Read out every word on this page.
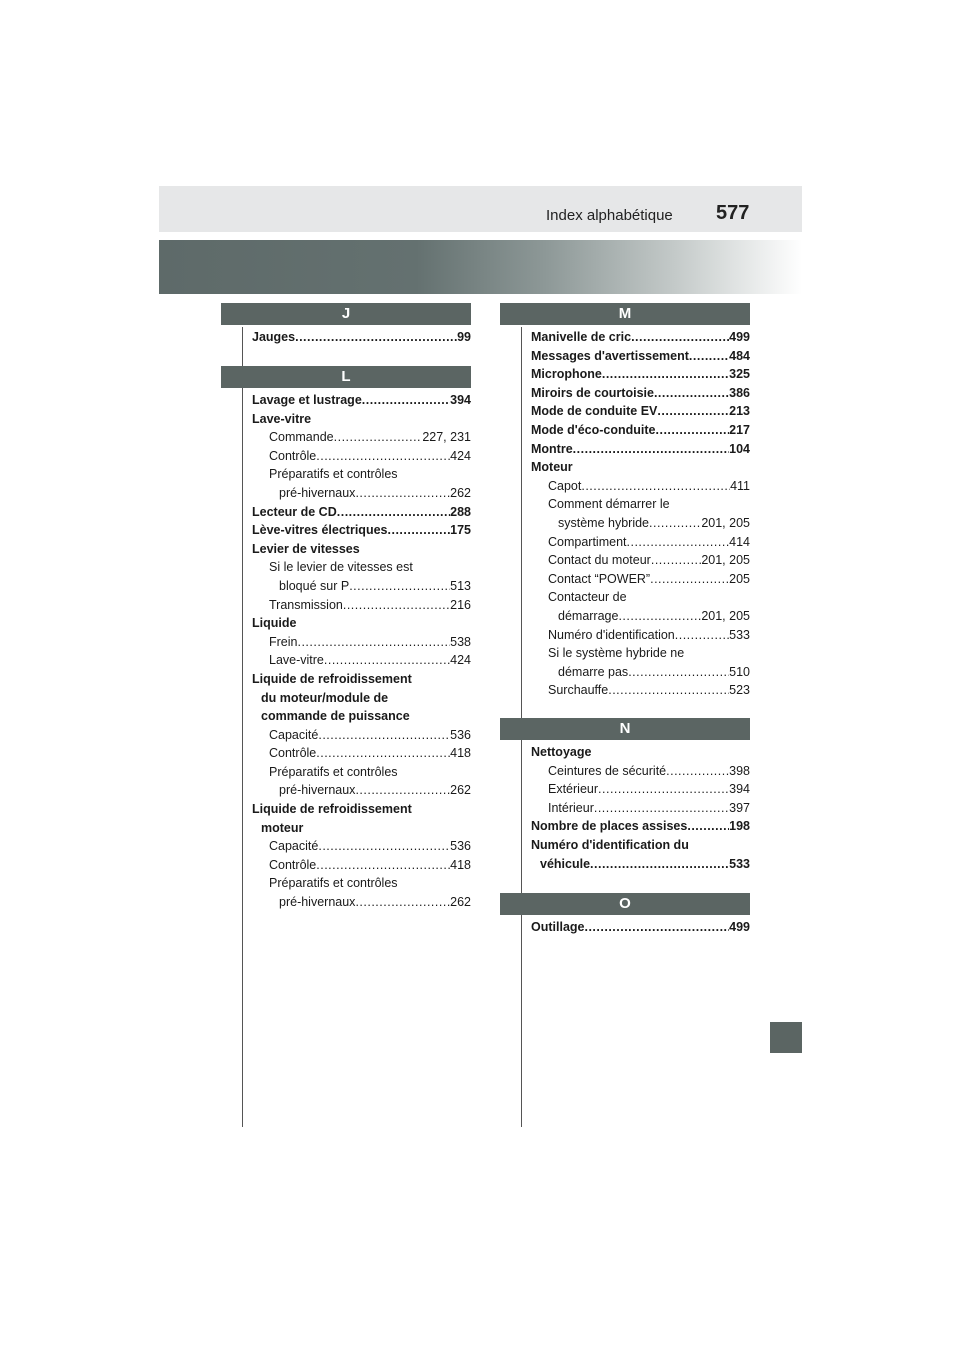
Index alphabétique 577
J
Jauges .....	99
L
Lavage et lustrage .....	394
Lave-vitre
Commande .....	227, 231
Contrôle .....	424
Préparatifs et contrôles
pré-hivernaux .....	262
Lecteur de CD .....	288
Lève-vitres électriques .....	175
Levier de vitesses
Si le levier de vitesses est
bloqué sur P .....	513
Transmission .....	216
Liquide
Frein .....	538
Lave-vitre .....	424
Liquide de refroidissement
du moteur/module de
commande de puissance
Capacité .....	536
Contrôle .....	418
Préparatifs et contrôles
pré-hivernaux .....	262
Liquide de refroidissement
moteur
Capacité .....	536
Contrôle .....	418
Préparatifs et contrôles
pré-hivernaux .....	262
M
Manivelle de cric .....	499
Messages d'avertissement .....	484
Microphone .....	325
Miroirs de courtoisie .....	386
Mode de conduite EV .....	213
Mode d'éco-conduite .....	217
Montre .....	104
Moteur
Capot .....	411
Comment démarrer le
système hybride .....	201, 205
Compartiment .....	414
Contact du moteur .....	201, 205
Contact “POWER” .....	205
Contacteur de
démarrage .....	201, 205
Numéro d'identification .....	533
Si le système hybride ne
démarre pas .....	510
Surchauffe .....	523
N
Nettoyage
Ceintures de sécurité .....	398
Extérieur .....	394
Intérieur .....	397
Nombre de places assises .....	198
Numéro d'identification du
véhicule .....	533
O
Outillage .....	499
